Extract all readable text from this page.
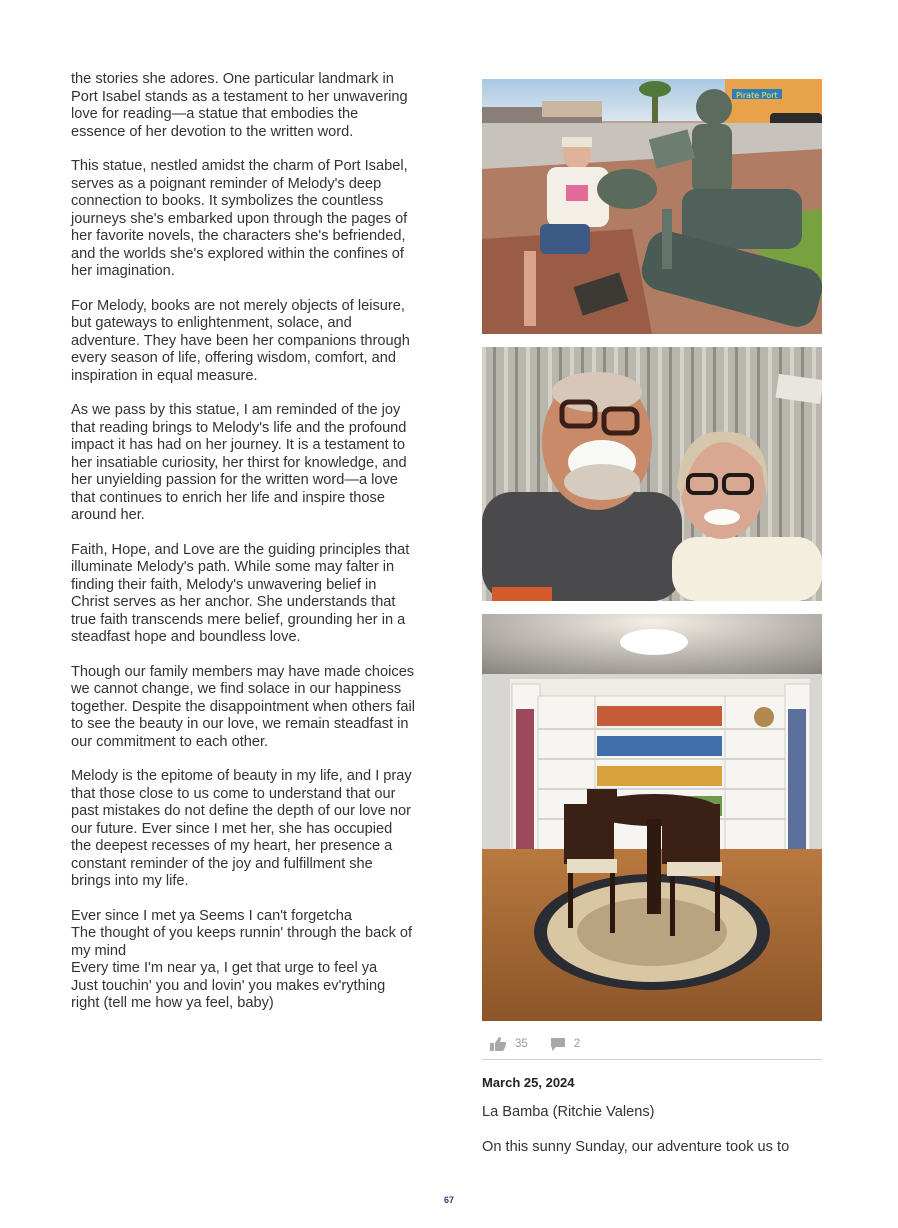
the stories she adores. One particular landmark in Port Isabel stands as a testament to her unwavering love for reading—a statue that embodies the essence of her devotion to the written word.

This statue, nestled amidst the charm of Port Isabel, serves as a poignant reminder of Melody's deep connection to books. It symbolizes the countless journeys she's embarked upon through the pages of her favorite novels, the characters she's befriended, and the worlds she's explored within the confines of her imagination.

For Melody, books are not merely objects of leisure, but gateways to enlightenment, solace, and adventure. They have been her companions through every season of life, offering wisdom, comfort, and inspiration in equal measure.

As we pass by this statue, I am reminded of the joy that reading brings to Melody's life and the profound impact it has had on her journey. It is a testament to her insatiable curiosity, her thirst for knowledge, and her unyielding passion for the written word—a love that continues to enrich her life and inspire those around her.

Faith, Hope, and Love are the guiding principles that illuminate Melody's path. While some may falter in finding their faith, Melody's unwavering belief in Christ serves as her anchor. She understands that true faith transcends mere belief, grounding her in a steadfast hope and boundless love.

Though our family members may have made choices we cannot change, we find solace in our happiness together. Despite the disappointment when others fail to see the beauty in our love, we remain steadfast in our commitment to each other.

Melody is the epitome of beauty in my life, and I pray that those close to us come to understand that our past mistakes do not define the depth of our love nor our future. Ever since I met her, she has occupied the deepest recesses of my heart, her presence a constant reminder of the joy and fulfillment she brings into my life.

Ever since I met ya Seems I can't forgetcha
The thought of you keeps runnin' through the back of my mind
Every time I'm near ya, I get that urge to feel ya
Just touchin' you and lovin' you makes ev'rything right (tell me how ya feel, baby)

Pirate Port
35	2
March 25, 2024
La Bamba (Ritchie Valens)
On this sunny Sunday, our adventure took us to
67
